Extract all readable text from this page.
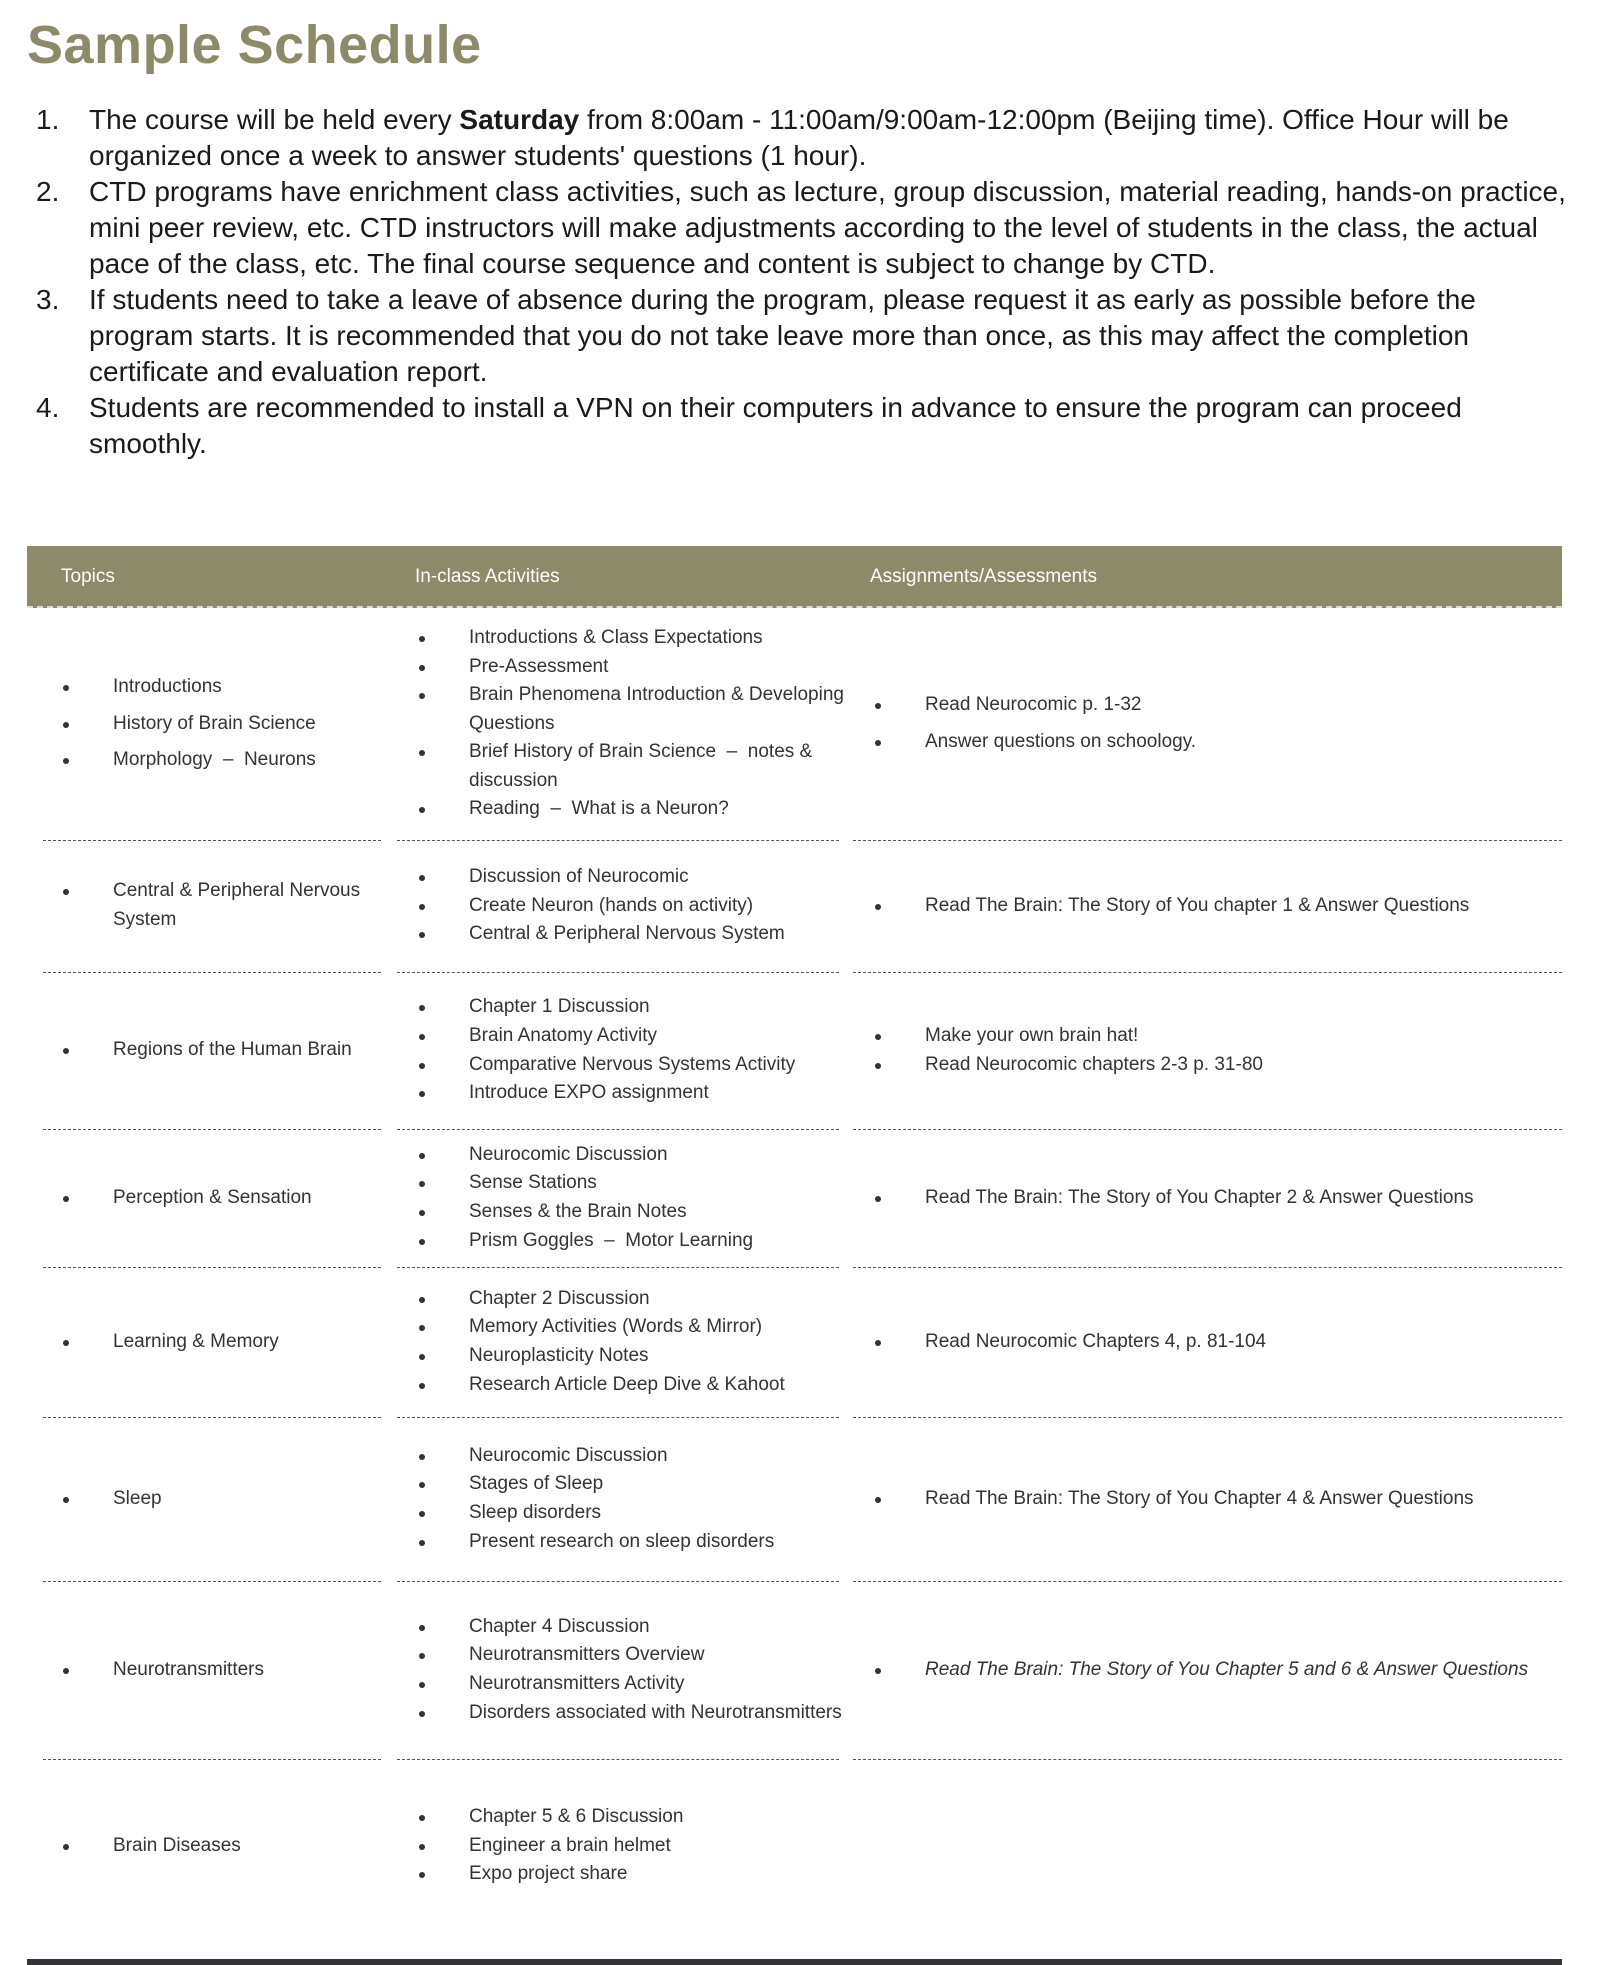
Sample Schedule
1. The course will be held every Saturday from 8:00am - 11:00am/9:00am-12:00pm (Beijing time). Office Hour will be organized once a week to answer students' questions (1 hour).
2. CTD programs have enrichment class activities, such as lecture, group discussion, material reading, hands-on practice, mini peer review, etc. CTD instructors will make adjustments according to the level of students in the class, the actual pace of the class, etc. The final course sequence and content is subject to change by CTD.
3. If students need to take a leave of absence during the program, please request it as early as possible before the program starts. It is recommended that you do not take leave more than once, as this may affect the completion certificate and evaluation report.
4. Students are recommended to install a VPN on their computers in advance to ensure the program can proceed smoothly.
Topics	In-class Activities	Assignments/Assessments
Introductions
History of Brain Science
Morphology  –  Neurons
Introductions & Class Expectations
Pre-Assessment
Brain Phenomena Introduction & Developing Questions
Brief History of Brain Science  –  notes & discussion
Reading  –  What is a Neuron?
Read Neurocomic p. 1-32
Answer questions on schoology.
Central & Peripheral Nervous System
Discussion of Neurocomic
Create Neuron (hands on activity)
Central & Peripheral Nervous System
Read The Brain: The Story of You chapter 1 & Answer Questions
Regions of the Human Brain
Chapter 1 Discussion
Brain Anatomy Activity
Comparative Nervous Systems Activity
Introduce EXPO assignment
Make your own brain hat!
Read Neurocomic chapters 2-3 p. 31-80
Perception & Sensation
Neurocomic Discussion
Sense Stations
Senses & the Brain Notes
Prism Goggles  –  Motor Learning
Read The Brain: The Story of You Chapter 2 & Answer Questions
Learning & Memory
Chapter 2 Discussion
Memory Activities (Words & Mirror)
Neuroplasticity Notes
Research Article Deep Dive & Kahoot
Read Neurocomic Chapters 4, p. 81-104
Sleep
Neurocomic Discussion
Stages of Sleep
Sleep disorders
Present research on sleep disorders
Read The Brain: The Story of You Chapter 4 & Answer Questions
Neurotransmitters
Chapter 4 Discussion
Neurotransmitters Overview
Neurotransmitters Activity
Disorders associated with Neurotransmitters
Read The Brain: The Story of You Chapter 5 and 6 & Answer Questions
Brain Diseases
Chapter 5 & 6 Discussion
Engineer a brain helmet
Expo project share
